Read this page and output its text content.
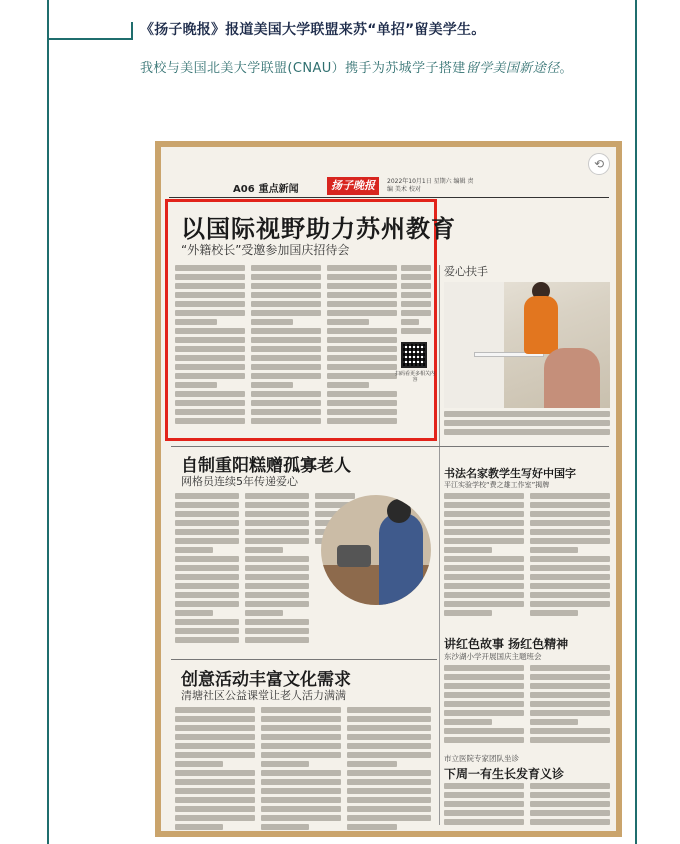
《扬子晚报》报道美国大学联盟来苏“单招”留美学生。
我校与美国北美大学联盟(CNAU）携手为苏城学子搭建留学美国新途径。
⟲
A06 重点新闻	扬子晚报	2022年10月1日 星期六 编辑 责编 美术 校对
以国际视野助力苏州教育
“外籍校长”受邀参加国庆招待会
扫码看更多相关内容
爱心扶手
书法名家教学生写好中国字
平江实验学校“费之雄工作室”揭牌
讲红色故事 扬红色精神
东沙湖小学开展国庆主题班会
市立医院专家团队坐诊
下周一有生长发育义诊
自制重阳糕赠孤寡老人
网格员连续5年传递爱心
创意活动丰富文化需求
清塘社区公益课堂让老人活力满满
